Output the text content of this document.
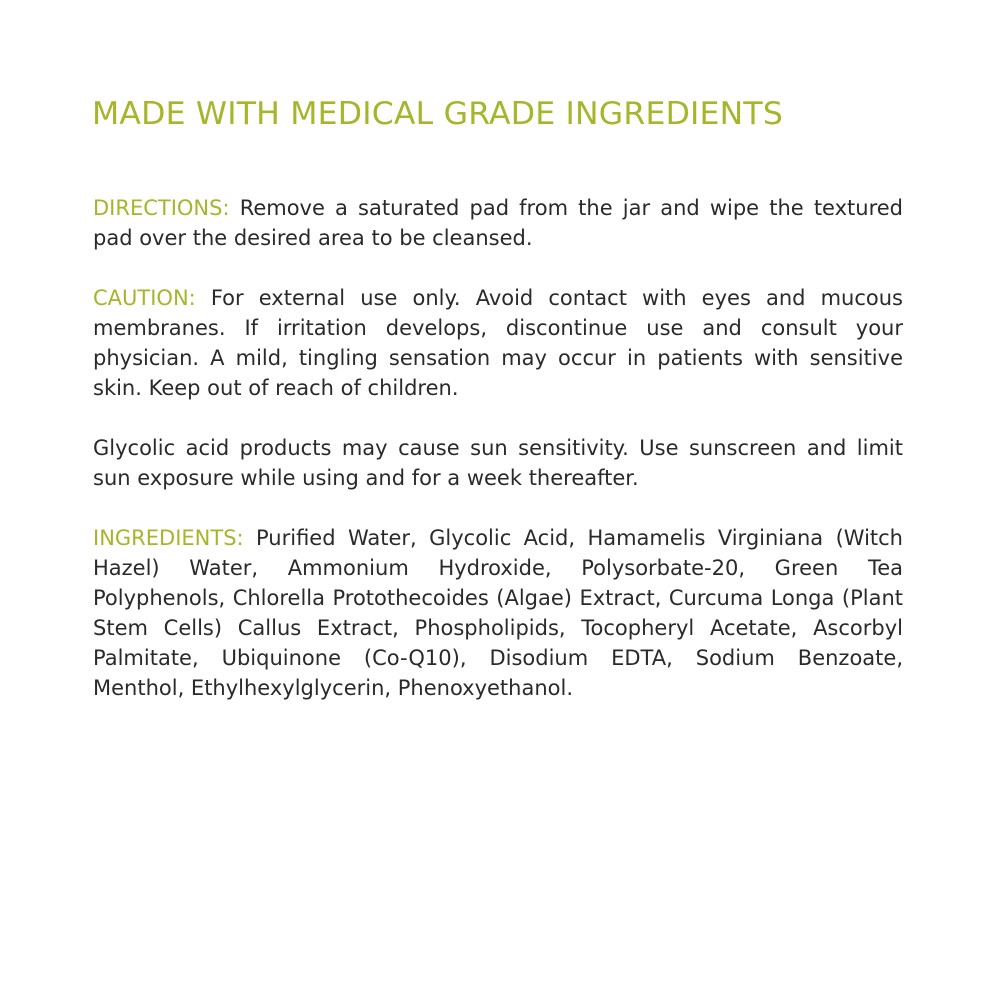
MADE WITH MEDICAL GRADE INGREDIENTS

DIRECTIONS: Remove a saturated pad from the jar and wipe the textured pad over the desired area to be cleansed.

CAUTION: For external use only. Avoid contact with eyes and mucous membranes. If irritation develops, discontinue use and consult your physician. A mild, tingling sensation may occur in patients with sensitive skin. Keep out of reach of children.

Glycolic acid products may cause sun sensitivity. Use sunscreen and limit sun exposure while using and for a week thereafter.

INGREDIENTS: Purified Water, Glycolic Acid, Hamamelis Virginiana (Witch Hazel) Water, Ammonium Hydroxide, Polysorbate-20, Green Tea Polyphenols, Chlorella Protothecoides (Algae) Extract, Curcuma Longa (Plant Stem Cells) Callus Extract, Phospholipids, Tocopheryl Acetate, Ascorbyl Palmitate, Ubiquinone (Co-Q10), Disodium EDTA, Sodium Benzoate, Menthol, Ethylhexylglycerin, Phenoxyethanol.
